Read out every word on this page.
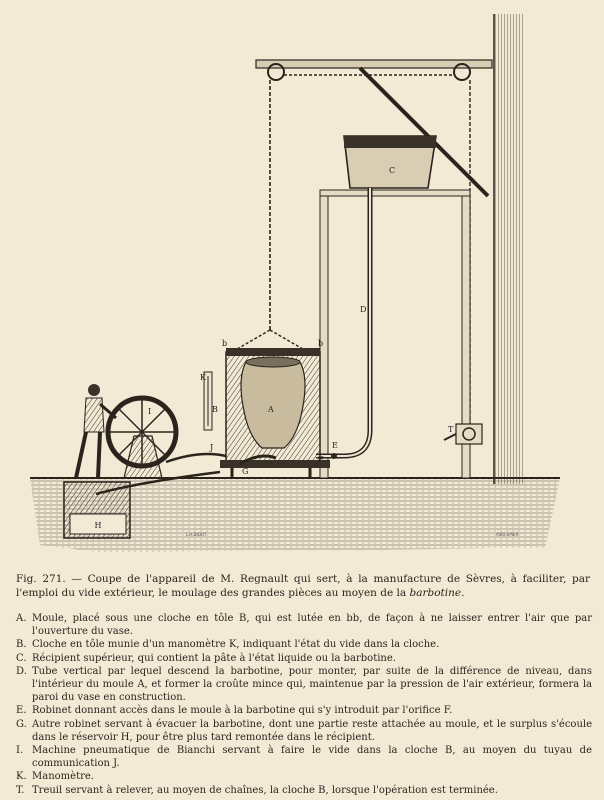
C
D
A
b	b
B
K
E
F
G
J
I
H
T
L.A.DIDOT	AVID-SPIER
Fig. 271. — Coupe de l'appareil de M. Regnault qui sert, à la manufacture de Sèvres, à faciliter, par l'emploi du vide extérieur, le moulage des grandes pièces au moyen de la barbotine.
A. Moule, placé sous une cloche en tôle B, qui est lutée en bb, de façon à ne laisser entrer l'air que par l'ouverture du vase.
B. Cloche en tôle munie d'un manomètre K, indiquant l'état du vide dans la cloche.
C. Récipient supérieur, qui contient la pâte à l'état liquide ou la barbotine.
D. Tube vertical par lequel descend la barbotine, pour monter, par suite de la différence de niveau, dans l'intérieur du moule A, et former la croûte mince qui, maintenue par la pression de l'air extérieur, formera la paroi du vase en construction.
E. Robinet donnant accès dans le moule à la barbotine qui s'y introduit par l'orifice F.
G. Autre robinet servant à évacuer la barbotine, dont une partie reste attachée au moule, et le surplus s'écoule dans le réservoir H, pour être plus tard remontée dans le récipient.
I. Machine pneumatique de Bianchi servant à faire le vide dans la cloche B, au moyen du tuyau de communication J.
K. Manomètre.
T. Treuil servant à relever, au moyen de chaînes, la cloche B, lorsque l'opération est terminée.
